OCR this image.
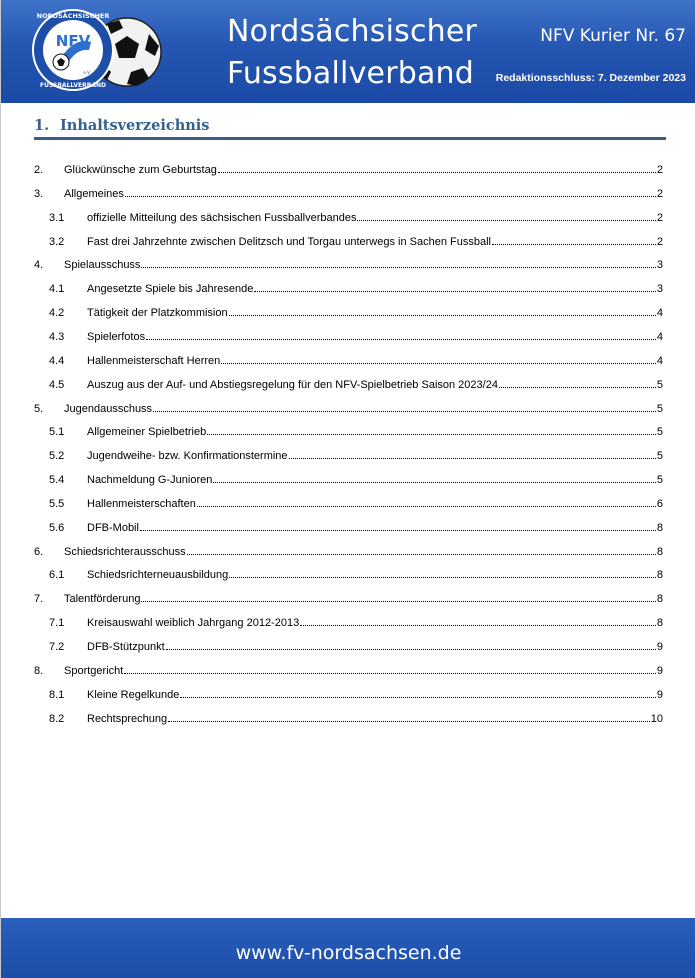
NFV
NORDSÄCHSISCHER
FUSSBALLVERBAND
e.V.
Nordsächsischer
Fussballverband
NFV Kurier Nr. 67
Redaktionsschluss: 7. Dezember 2023
1. Inhaltsverzeichnis
2.	Glückwünsche zum Geburtstag	2
3.	Allgemeines	2
3.1	offizielle Mitteilung des sächsischen Fussballverbandes	2
3.2	Fast drei Jahrzehnte zwischen Delitzsch und Torgau unterwegs in Sachen Fussball	2
4.	Spielausschuss	3
4.1	Angesetzte Spiele bis Jahresende	3
4.2	Tätigkeit der Platzkommision	4
4.3	Spielerfotos	4
4.4	Hallenmeisterschaft Herren	4
4.5	Auszug aus der Auf- und Abstiegsregelung für den NFV-Spielbetrieb Saison 2023/24	5
5.	Jugendausschuss	5
5.1	Allgemeiner Spielbetrieb	5
5.2	Jugendweihe- bzw. Konfirmationstermine	5
5.4	Nachmeldung G-Junioren	5
5.5	Hallenmeisterschaften	6
5.6	DFB-Mobil	8
6.	Schiedsrichterausschuss	8
6.1	Schiedsrichterneuausbildung	8
7.	Talentförderung	8
7.1	Kreisauswahl weiblich Jahrgang 2012-2013	8
7.2	DFB-Stützpunkt	9
8.	Sportgericht	9
8.1	Kleine Regelkunde	9
8.2	Rechtsprechung	10
www.fv-nordsachsen.de
